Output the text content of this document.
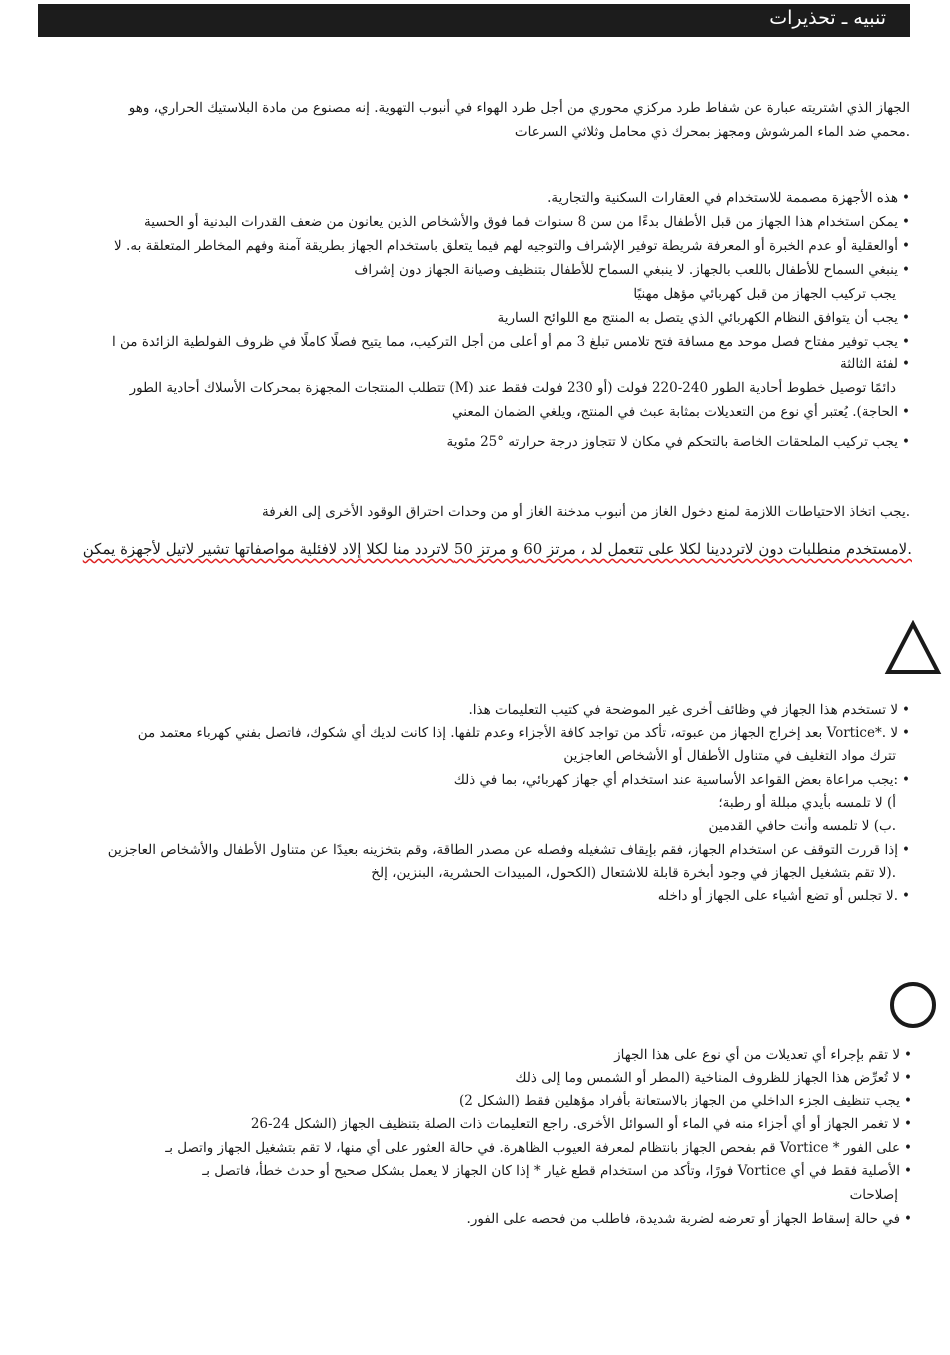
تنبيه ـ تحذيرات
الجهاز الذي اشتريته عبارة عن شفاط طرد مركزي محوري من أجل طرد الهواء في أنبوب التهوية. إنه مصنوع من مادة البلاستيك الحراري، وهو
.محمي ضد الماء المرشوش ومجهز بمحرك ذي محامل وثلاثي السرعات
•هذه الأجهزة مصممة للاستخدام في العقارات السكنية والتجارية.
•يمكن استخدام هذا الجهاز من قبل الأطفال بدءًا من سن 8 سنوات فما فوق والأشخاص الذين يعانون من ضعف القدرات البدنية أو الحسية
•أوالعقلية أو عدم الخبرة أو المعرفة شريطة توفير الإشراف والتوجيه لهم فيما يتعلق باستخدام الجهاز بطريقة آمنة وفهم المخاطر المتعلقة به. لا
•ينبغي السماح للأطفال باللعب بالجهاز. لا ينبغي السماح للأطفال بتنظيف وصيانة الجهاز دون إشراف
يجب تركيب الجهاز من قبل كهربائي مؤهل مهنيًا
•يجب أن يتوافق النظام الكهربائي الذي يتصل به المنتج مع اللوائح السارية
•يجب توفير مفتاح فصل موحد مع مسافة فتح تلامس تبلغ 3 مم أو أعلى من أجل التركيب، مما يتيح فصلًا كاملًا في ظروف الفولطية الزائدة من ا
•لفئة الثالثة
دائمًا توصيل خطوط أحادية الطور 240-220 فولت (أو 230 فولت فقط عند (M) تتطلب المنتجات المجهزة بمحركات الأسلاك أحادية الطور
•الحاجة). يُعتبر أي نوع من التعديلات بمثابة عبث في المنتج، ويلغي الضمان المعني
•يجب تركيب الملحقات الخاصة بالتحكم في مكان لا تتجاوز درجة حرارته °25 مئوية
.يجب اتخاذ الاحتياطات اللازمة لمنع دخول الغاز من أنبوب مدخنة الغاز أو من وحدات احتراق الوقود الأخرى إلى الغرفة
.لامستخدم منطلبات دون لاترددينا لكلا على تتعمل لد ، مرتز 60 و مرتز 50 لاتردد منا لكلا إلاد لافئلية مواصفاتها تشير لاتيل لأجهزة يمكن
•لا تستخدم هذا الجهاز في وظائف أخرى غير الموضحة في كتيب التعليمات هذا.
•لا .*Vortice بعد إخراج الجهاز من عبوته، تأكد من تواجد كافة الأجزاء وعدم تلفها. إذا كانت لديك أي شكوك، فاتصل بفني كهرباء معتمد من
تترك مواد التغليف في متناول الأطفال أو الأشخاص العاجزين
•:يجب مراعاة بعض القواعد الأساسية عند استخدام أي جهاز كهربائي، بما في ذلك
أ) لا تلمسه بأيدي مبللة أو رطبة؛
.ب) لا تلمسه وأنت حافي القدمين
•إذا قررت التوقف عن استخدام الجهاز، فقم بإيقاف تشغيله وفصله عن مصدر الطاقة، وقم بتخزينه بعيدًا عن متناول الأطفال والأشخاص العاجزين
.(لا تقم بتشغيل الجهاز في وجود أبخرة قابلة للاشتعال (الكحول، المبيدات الحشرية، البنزين، إلخ
•.لا تجلس أو تضع أشياء على الجهاز أو داخله
•لا تقم بإجراء أي تعديلات من أي نوع على هذا الجهاز
•لا تُعرِّض هذا الجهاز للظروف المناخية (المطر أو الشمس وما إلى ذلك
•يجب تنظيف الجزء الداخلي من الجهاز بالاستعانة بأفراد مؤهلين فقط (الشكل 2)
•لا تغمر الجهاز أو أي أجزاء منه في الماء أو السوائل الأخرى. راجع التعليمات ذات الصلة بتنظيف الجهاز (الشكل 24-26
•على الفور * Vortice قم بفحص الجهاز بانتظام لمعرفة العيوب الظاهرة. في حالة العثور على أي منها، لا تقم بتشغيل الجهاز واتصل بـ
•الأصلية فقط في أي Vortice فورًا، وتأكد من استخدام قطع غيار * إذا كان الجهاز لا يعمل بشكل صحيح أو حدث خطأ، فاتصل بـ
إصلاحات
•في حالة إسقاط الجهاز أو تعرضه لضربة شديدة، فاطلب من فحصه على الفور.
